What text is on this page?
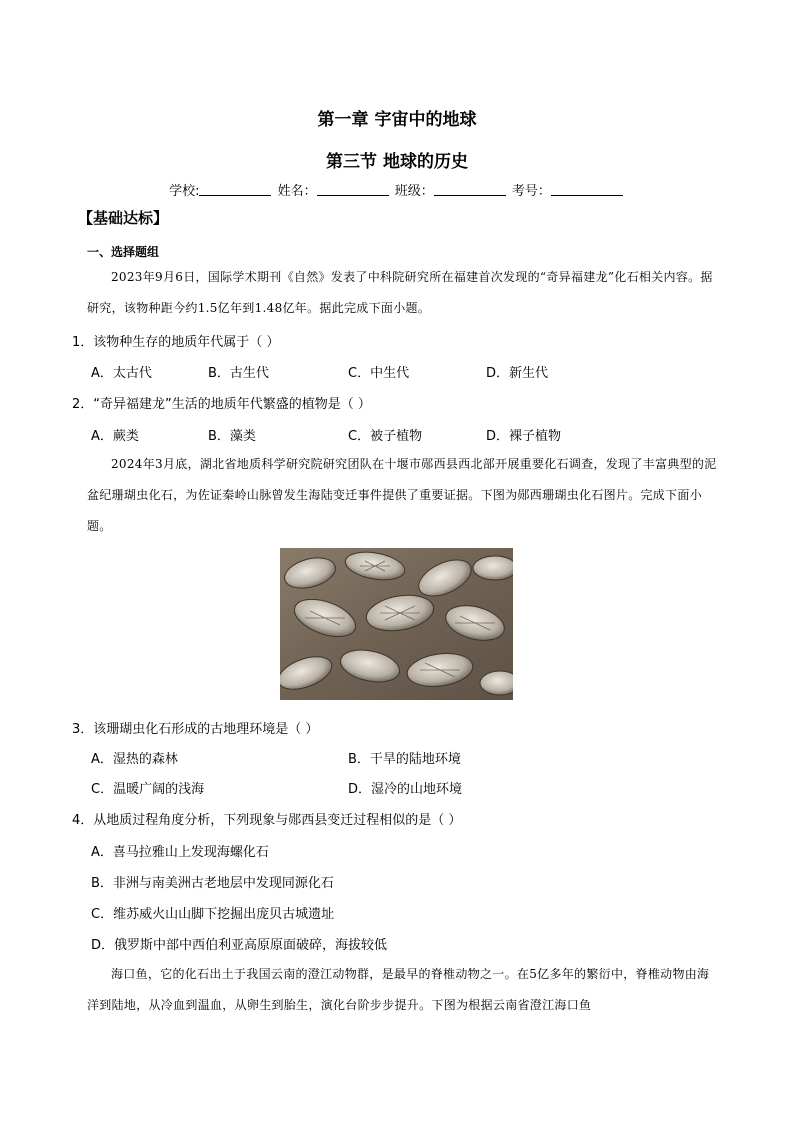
第一章 宇宙中的地球
第三节 地球的历史
学校:	姓名：	班级：	考号：
【基础达标】
一、选择题组
2023年9月6日，国际学术期刊《自然》发表了中科院研究所在福建首次发现的“奇异福建龙”化石相关内容。据研究，该物种距今约1.5亿年到1.48亿年。据此完成下面小题。
1．该物种生存的地质年代属于（ ）
A．太古代	B．古生代	C．中生代	D．新生代
2．“奇异福建龙”生活的地质年代繁盛的植物是（ ）
A．蕨类	B．藻类	C．被子植物	D．裸子植物
2024年3月底，湖北省地质科学研究院研究团队在十堰市郧西县西北部开展重要化石调查，发现了丰富典型的泥盆纪珊瑚虫化石，为佐证秦岭山脉曾发生海陆变迁事件提供了重要证据。下图为郧西珊瑚虫化石图片。完成下面小题。
3．该珊瑚虫化石形成的古地理环境是（ ）
A．湿热的森林	B．干旱的陆地环境
C．温暖广阔的浅海	D．湿冷的山地环境
4．从地质过程角度分析，下列现象与郧西县变迁过程相似的是（ ）
A．喜马拉雅山上发现海螺化石
B．非洲与南美洲古老地层中发现同源化石
C．维苏威火山山脚下挖掘出庞贝古城遗址
D．俄罗斯中部中西伯利亚高原原面破碎，海拔较低
海口鱼，它的化石出土于我国云南的澄江动物群，是最早的脊椎动物之一。在5亿多年的繁衍中，脊椎动物由海洋到陆地，从冷血到温血，从卵生到胎生，演化台阶步步提升。下图为根据云南省澄江海口鱼
